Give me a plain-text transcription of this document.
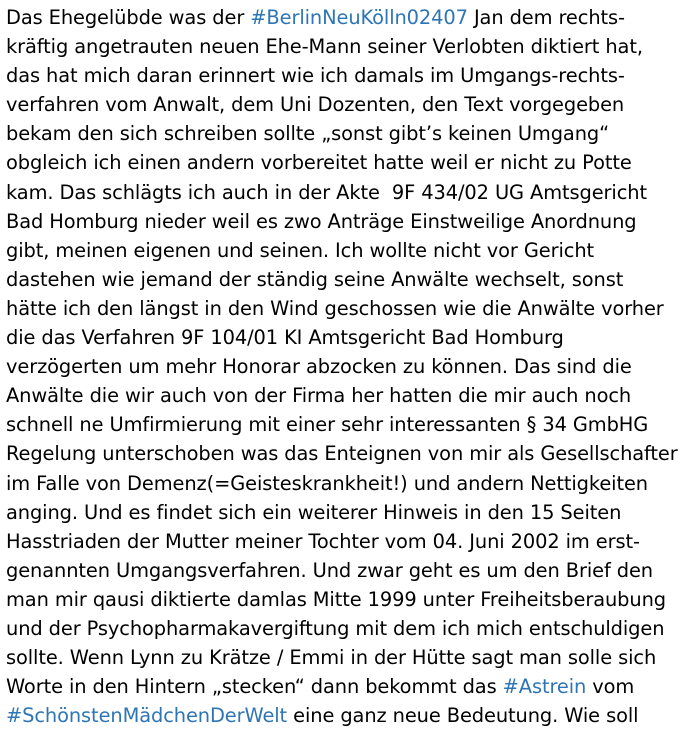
Das Ehegelübde was der #BerlinNeuKölln02407 Jan dem rechts-
kräftig angetrauten neuen Ehe-Mann seiner Verlobten diktiert hat,
das hat mich daran erinnert wie ich damals im Umgangs-rechts-
verfahren vom Anwalt, dem Uni Dozenten, den Text vorgegeben
bekam den sich schreiben sollte „sonst gibt’s keinen Umgang“
obgleich ich einen andern vorbereitet hatte weil er nicht zu Potte
kam. Das schlägts ich auch in der Akte  9F 434/02 UG Amtsgericht
Bad Homburg nieder weil es zwo Anträge Einstweilige Anordnung
gibt, meinen eigenen und seinen. Ich wollte nicht vor Gericht
dastehen wie jemand der ständig seine Anwälte wechselt, sonst
hätte ich den längst in den Wind geschossen wie die Anwälte vorher
die das Verfahren 9F 104/01 KI Amtsgericht Bad Homburg
verzögerten um mehr Honorar abzocken zu können. Das sind die
Anwälte die wir auch von der Firma her hatten die mir auch noch
schnell ne Umfirmierung mit einer sehr interessanten § 34 GmbHG
Regelung unterschoben was das Enteignen von mir als Gesellschafter
im Falle von Demenz(=Geisteskrankheit!) und andern Nettigkeiten
anging. Und es findet sich ein weiterer Hinweis in den 15 Seiten
Hasstriaden der Mutter meiner Tochter vom 04. Juni 2002 im erst-
genannten Umgangsverfahren. Und zwar geht es um den Brief den
man mir qausi diktierte damlas Mitte 1999 unter Freiheitsberaubung
und der Psychopharmakavergiftung mit dem ich mich entschuldigen
sollte. Wenn Lynn zu Krätze / Emmi in der Hütte sagt man solle sich
Worte in den Hintern „stecken“ dann bekommt das #Astrein vom
#SchönstenMädchenDerWelt eine ganz neue Bedeutung. Wie soll
